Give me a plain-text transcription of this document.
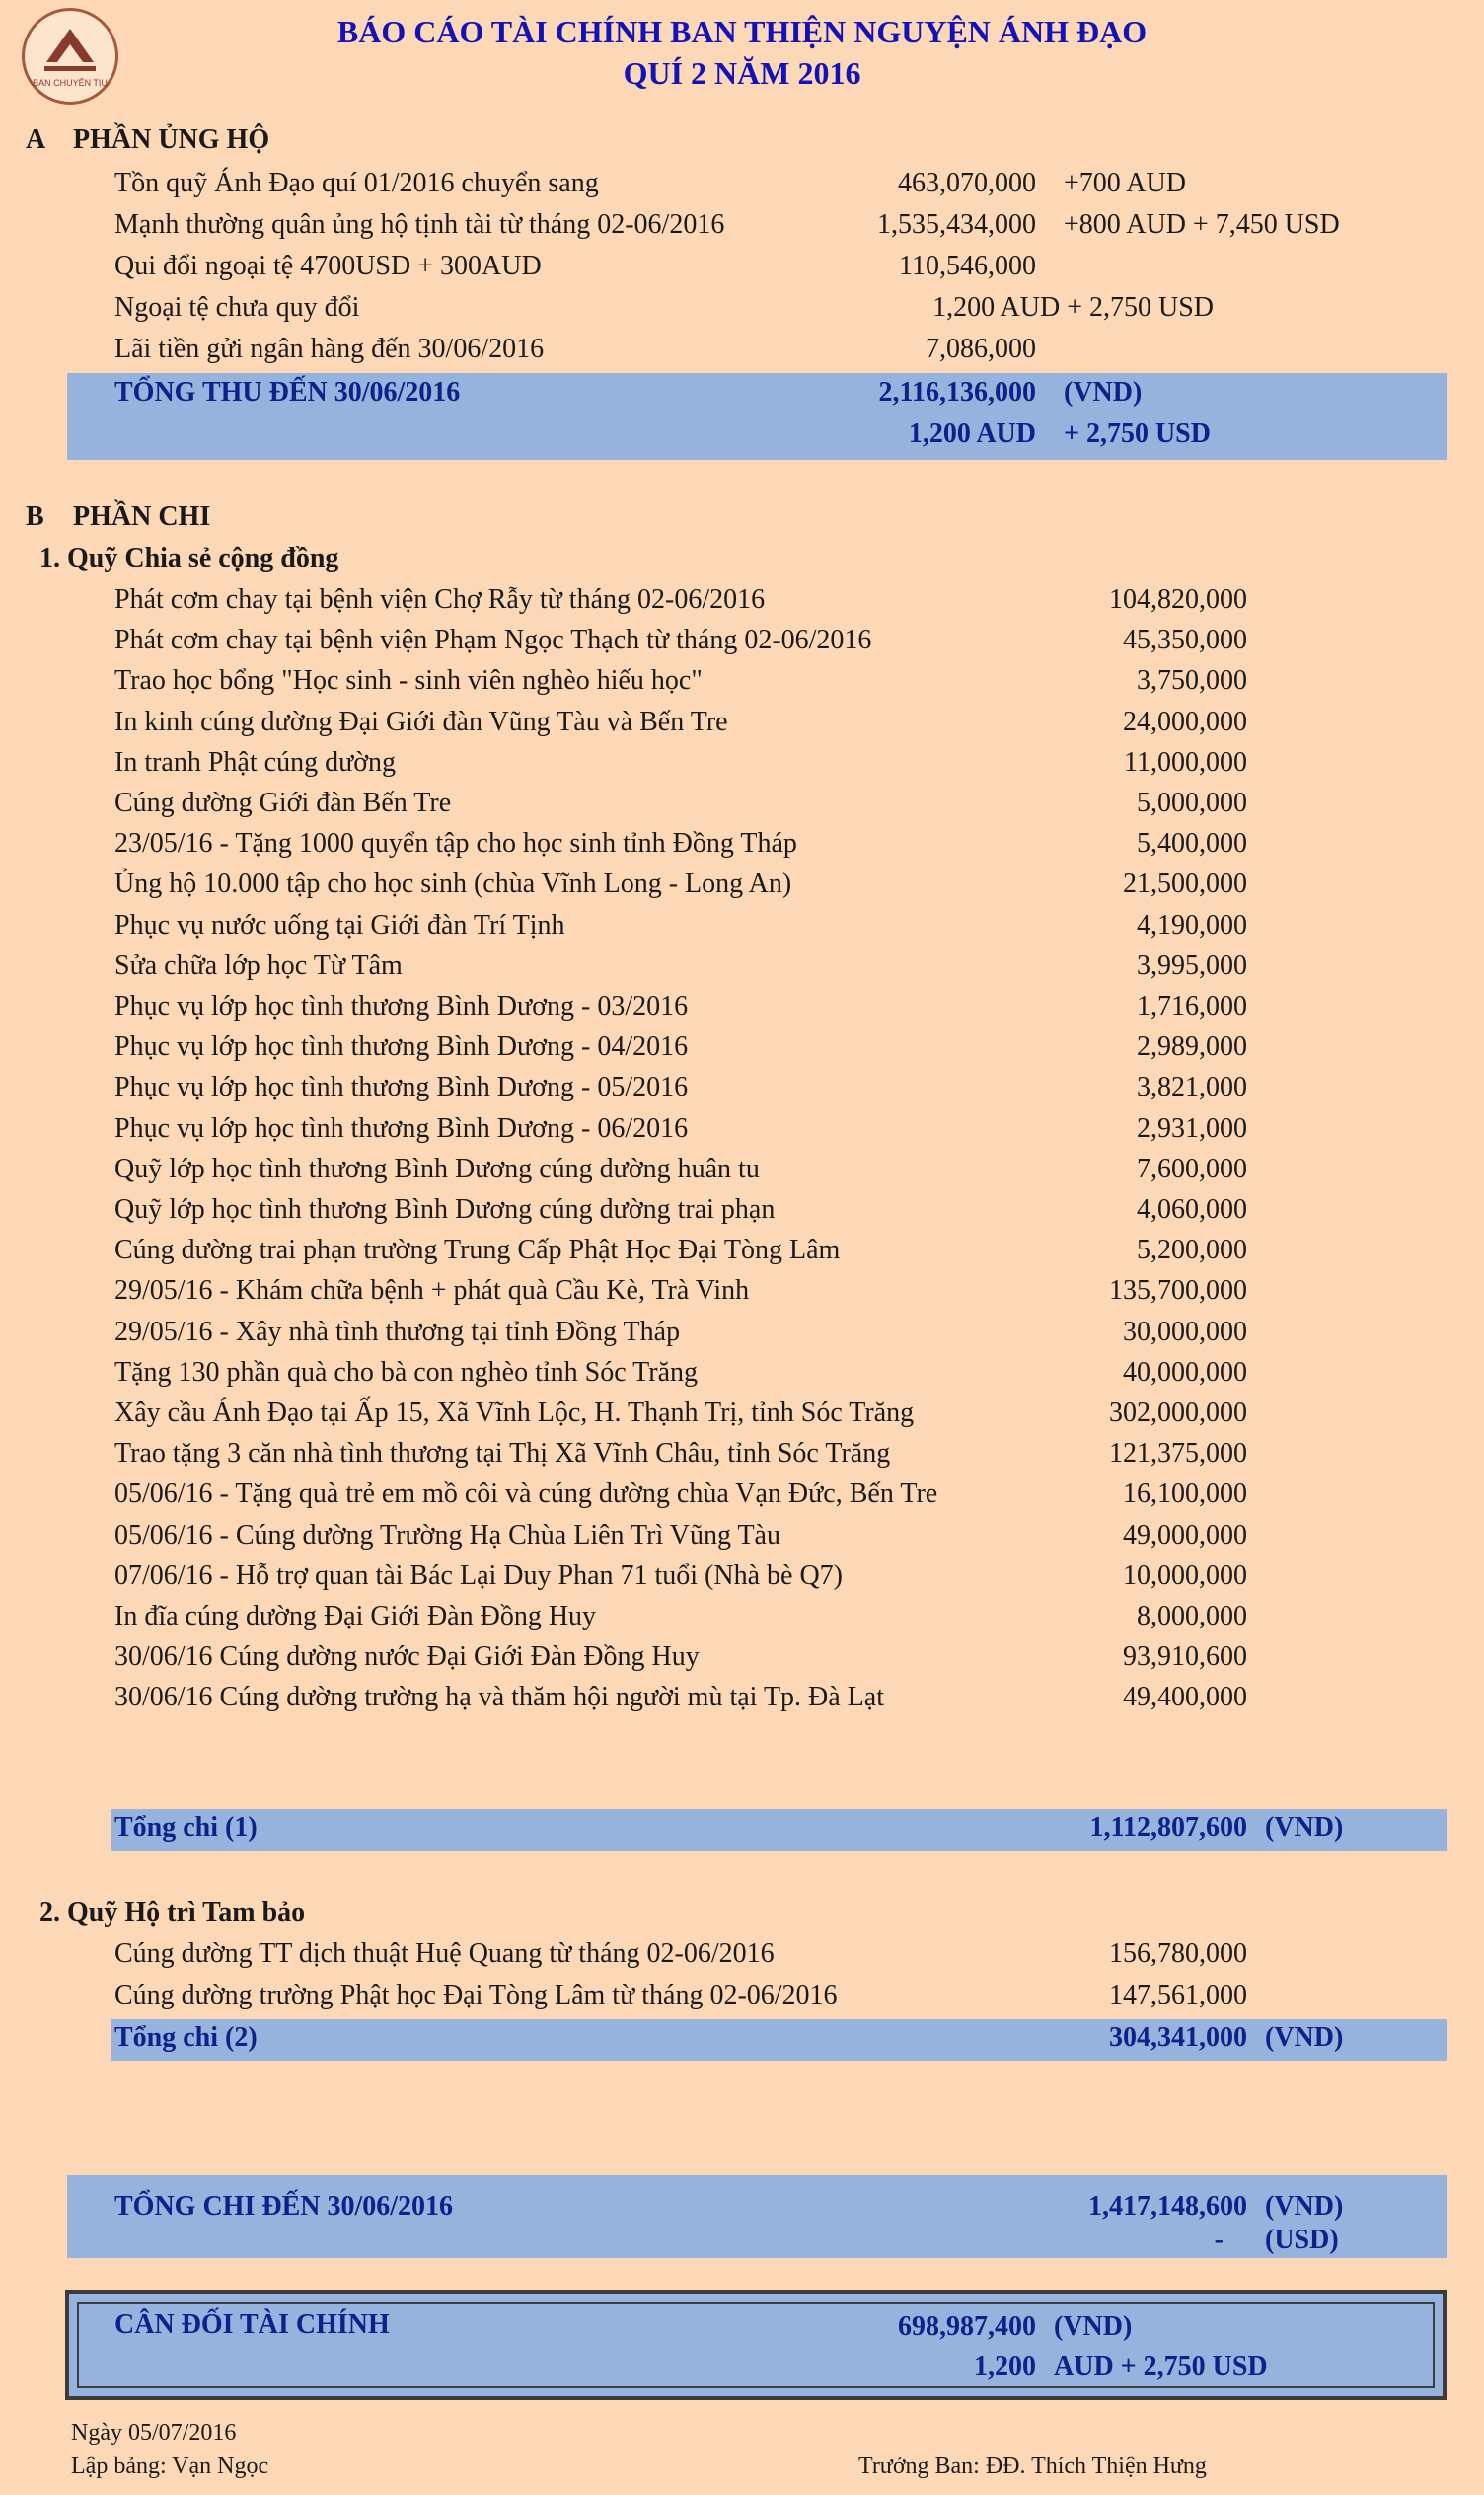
BAN CHUYÊN TỊU
BÁO CÁO TÀI CHÍNH BAN THIỆN NGUYỆN ÁNH ĐẠO
QUÍ 2 NĂM 2016
A PHẦN ỦNG HỘ
Tồn quỹ Ánh Đạo quí 01/2016 chuyển sang	463,070,000 +700 AUD
Mạnh thường quân ủng hộ tịnh tài từ tháng 02-06/2016	1,535,434,000 +800 AUD + 7,450 USD
Qui đổi ngoại tệ 4700USD + 300AUD	110,546,000
Ngoại tệ chưa quy đổi	1,200 AUD + 2,750 USD
Lãi tiền gửi ngân hàng đến 30/06/2016	7,086,000
TỔNG THU ĐẾN 30/06/2016	2,116,136,000 (VND)
1,200 AUD + 2,750 USD
B PHẦN CHI
1. Quỹ Chia sẻ cộng đồng
Phát cơm chay tại bệnh viện Chợ Rẫy từ tháng 02-06/2016	104,820,000
Phát cơm chay tại bệnh viện Phạm Ngọc Thạch từ tháng 02-06/2016	45,350,000
Trao học bổng "Học sinh - sinh viên nghèo hiếu học"	3,750,000
In kinh cúng dường Đại Giới đàn Vũng Tàu và Bến Tre	24,000,000
In tranh Phật cúng dường	11,000,000
Cúng dường Giới đàn Bến Tre	5,000,000
23/05/16 - Tặng 1000 quyển tập cho học sinh tỉnh Đồng Tháp	5,400,000
Ủng hộ 10.000 tập cho học sinh (chùa Vĩnh Long - Long An)	21,500,000
Phục vụ nước uống tại Giới đàn Trí Tịnh	4,190,000
Sửa chữa lớp học Từ Tâm	3,995,000
Phục vụ lớp học tình thương Bình Dương - 03/2016	1,716,000
Phục vụ lớp học tình thương Bình Dương - 04/2016	2,989,000
Phục vụ lớp học tình thương Bình Dương - 05/2016	3,821,000
Phục vụ lớp học tình thương Bình Dương - 06/2016	2,931,000
Quỹ lớp học tình thương Bình Dương cúng dường huân tu	7,600,000
Quỹ lớp học tình thương Bình Dương cúng dường trai phạn	4,060,000
Cúng dường trai phạn trường Trung Cấp Phật Học Đại Tòng Lâm	5,200,000
29/05/16 - Khám chữa bệnh + phát quà Cầu Kè, Trà Vinh	135,700,000
29/05/16 - Xây nhà tình thương tại tỉnh Đồng Tháp	30,000,000
Tặng 130 phần quà cho bà con nghèo tỉnh Sóc Trăng	40,000,000
Xây cầu Ánh Đạo tại Ấp 15, Xã Vĩnh Lộc, H. Thạnh Trị, tỉnh Sóc Trăng	302,000,000
Trao tặng 3 căn nhà tình thương tại Thị Xã Vĩnh Châu, tỉnh Sóc Trăng	121,375,000
05/06/16 - Tặng quà trẻ em mồ côi và cúng dường chùa Vạn Đức, Bến Tre	16,100,000
05/06/16 - Cúng dường Trường Hạ Chùa Liên Trì Vũng Tàu	49,000,000
07/06/16 - Hỗ trợ quan tài Bác Lại Duy Phan 71 tuổi (Nhà bè Q7)	10,000,000
In đĩa cúng dường Đại Giới Đàn Đồng Huy	8,000,000
30/06/16 Cúng dường nước Đại Giới Đàn Đồng Huy	93,910,600
30/06/16 Cúng dường trường hạ và thăm hội người mù tại Tp. Đà Lạt	49,400,000
Tổng chi (1)	1,112,807,600 (VND)
2. Quỹ Hộ trì Tam bảo
Cúng dường TT dịch thuật Huệ Quang từ tháng 02-06/2016	156,780,000
Cúng dường trường Phật học Đại Tòng Lâm từ tháng 02-06/2016	147,561,000
Tổng chi (2)	304,341,000 (VND)
TỔNG CHI ĐẾN 30/06/2016	1,417,148,600 (VND)
- (USD)
CÂN ĐỐI TÀI CHÍNH	698,987,400 (VND)
1,200 AUD + 2,750 USD
Ngày 05/07/2016
Lập bảng: Vạn Ngọc	Trưởng Ban: ĐĐ. Thích Thiện Hưng
